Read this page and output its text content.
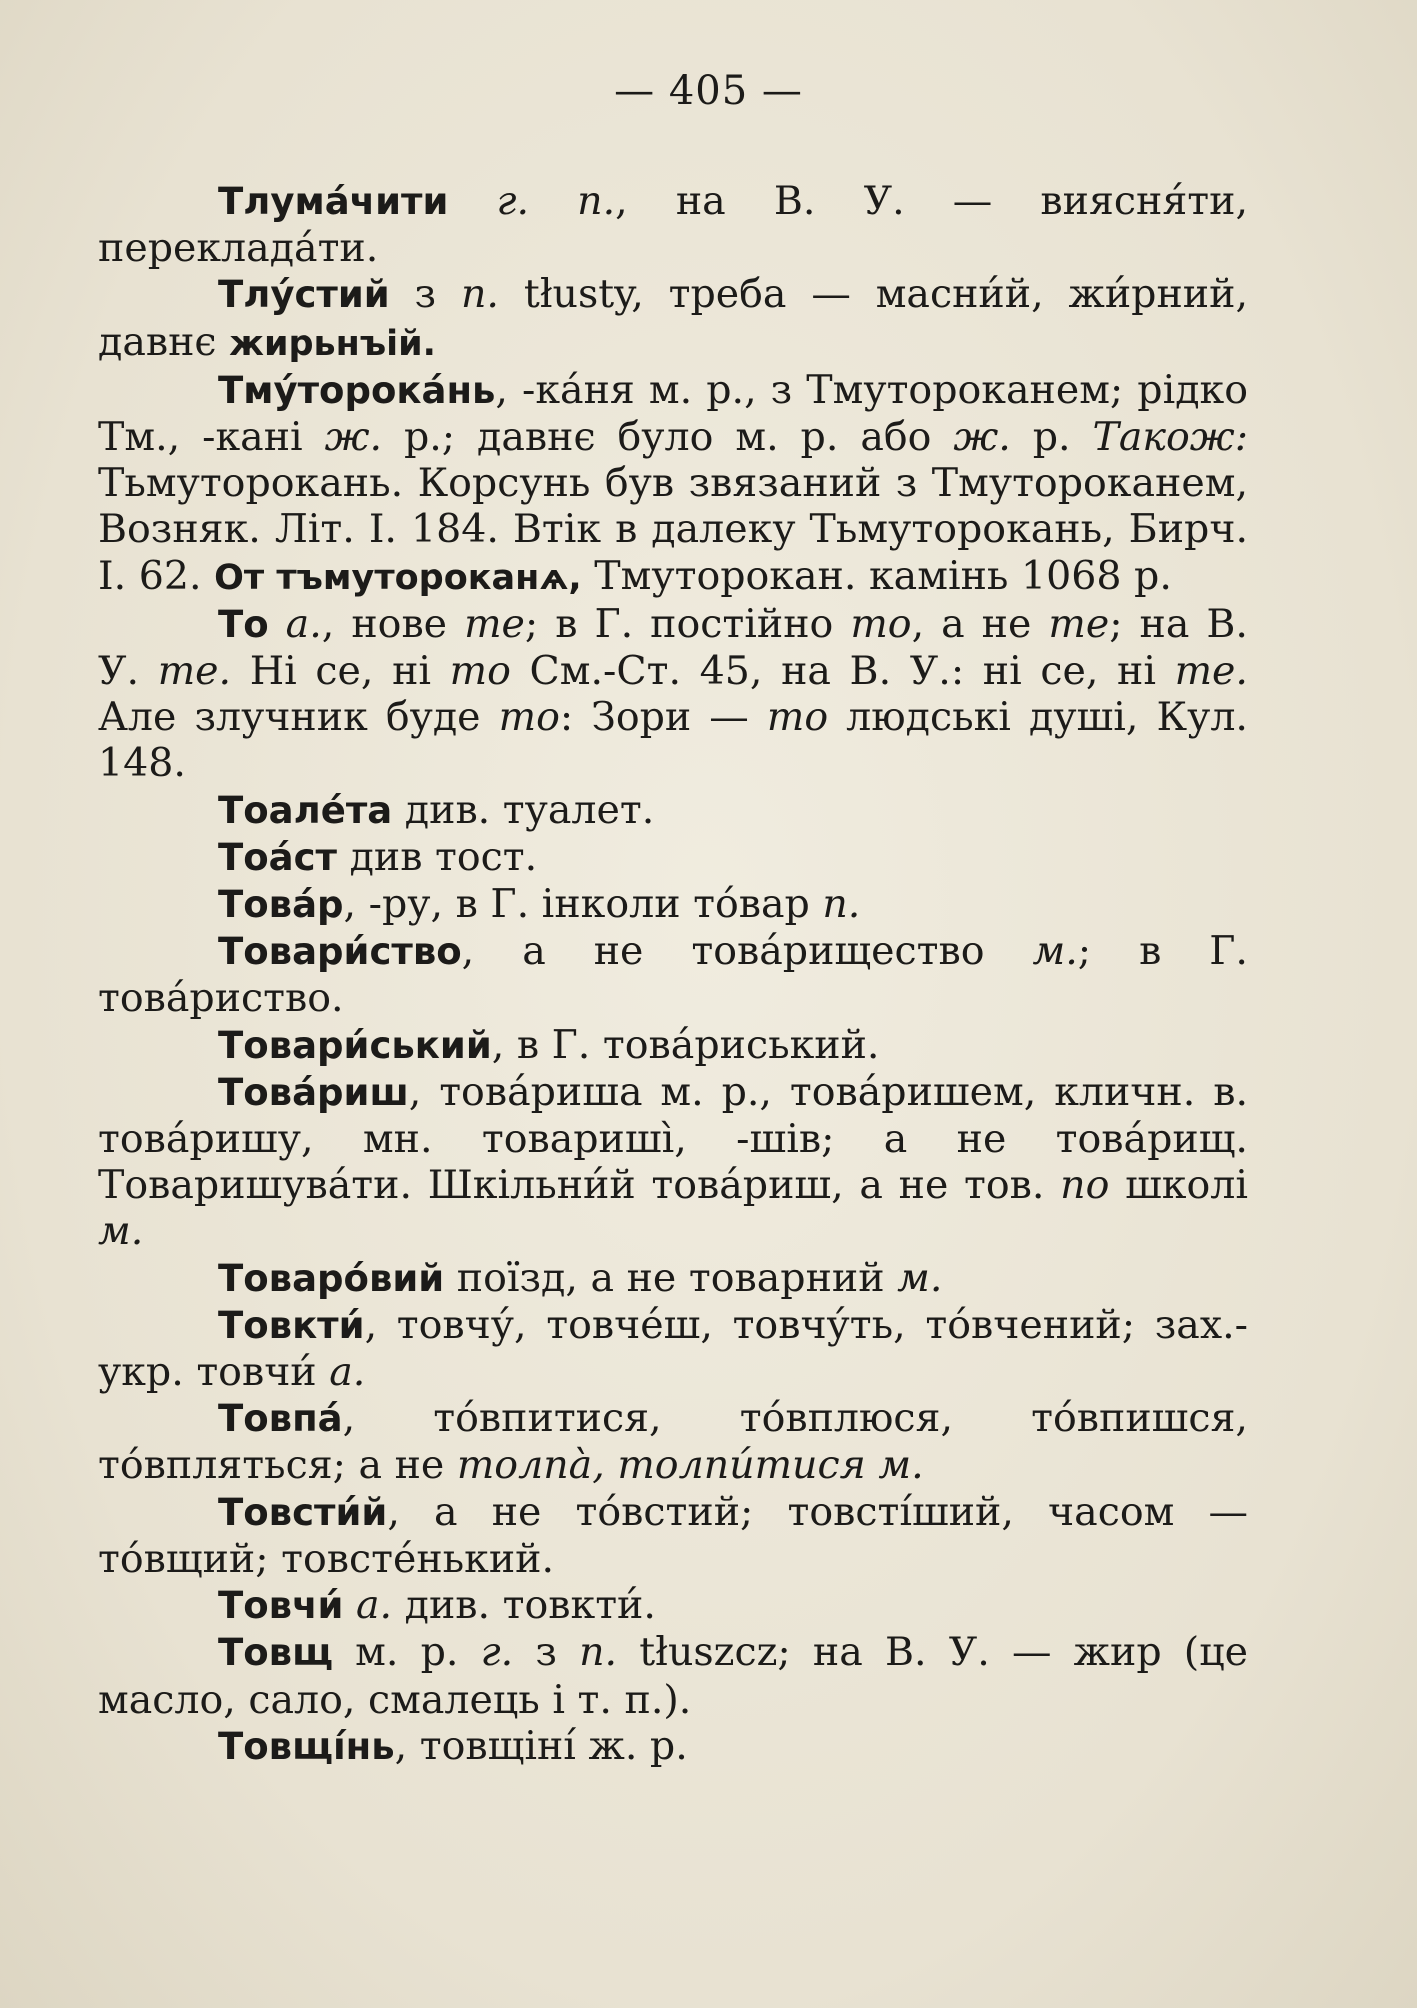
— 405 —

Тлума́чити г. п., на В. У. — виясня́ти, перекладáти.

Тлу́стий з п. tłusty, треба — масни́й, жи́рний, давнє жирьнъій.

Тму́торокáнь, -кáня м. р., з Тмутороканем; рідко Тм., -кані ж. р.; давнє було м. р. або ж. р. Також: Тьмуторокань. Корсунь був звязаний з Тмутороканем, Возняк. Літ. І. 184. Втік в далеку Тьмуторокань, Бирч. І. 62. От тъмутороканѧ, Тмуторокан. камінь 1068 р.

То а., нове те; в Г. постійно то, а не те; на В. У. те. Ні се, ні то См.-Ст. 45, на В. У.: ні се, ні те. Але злучник буде то: Зори — то людські душі, Кул. 148.

Тоале́та див. туалет.

Тоа́ст див тост.

Това́р, -ру, в Г. інколи тóвар п.

Товари́ство, а не това́рищество м.; в Г. това́риство.

Товари́ський, в Г. това́риський.

Това́риш, това́риша м. р., това́ришем, кличн. в. това́ришу, мн. товариші̀, -шів; а не това́рищ. Товаришува́ти. Шкільни́й това́риш, а не тов. по школі м.

Товаро́вий поїзд, а не товарний м.

Товкти́, товчу́, товче́ш, товчу́ть, тóвчений; зах.-укр. товчи́ а.

Товпа́, тóвпитися, тóвплюся, тóвпишся, тóвпляться; а не толпа̀, толпи́тися м.

Товсти́й, а не тóвстий; товстíший, часом — тóвщий; товсте́нький.

Товчи́ а. див. товкти́.

Товщ м. р. г. з п. tłuszcz; на В. У. — жир (це масло, сало, смалець і т. п.).

Товщі́нь, товщіні́ ж. р.
